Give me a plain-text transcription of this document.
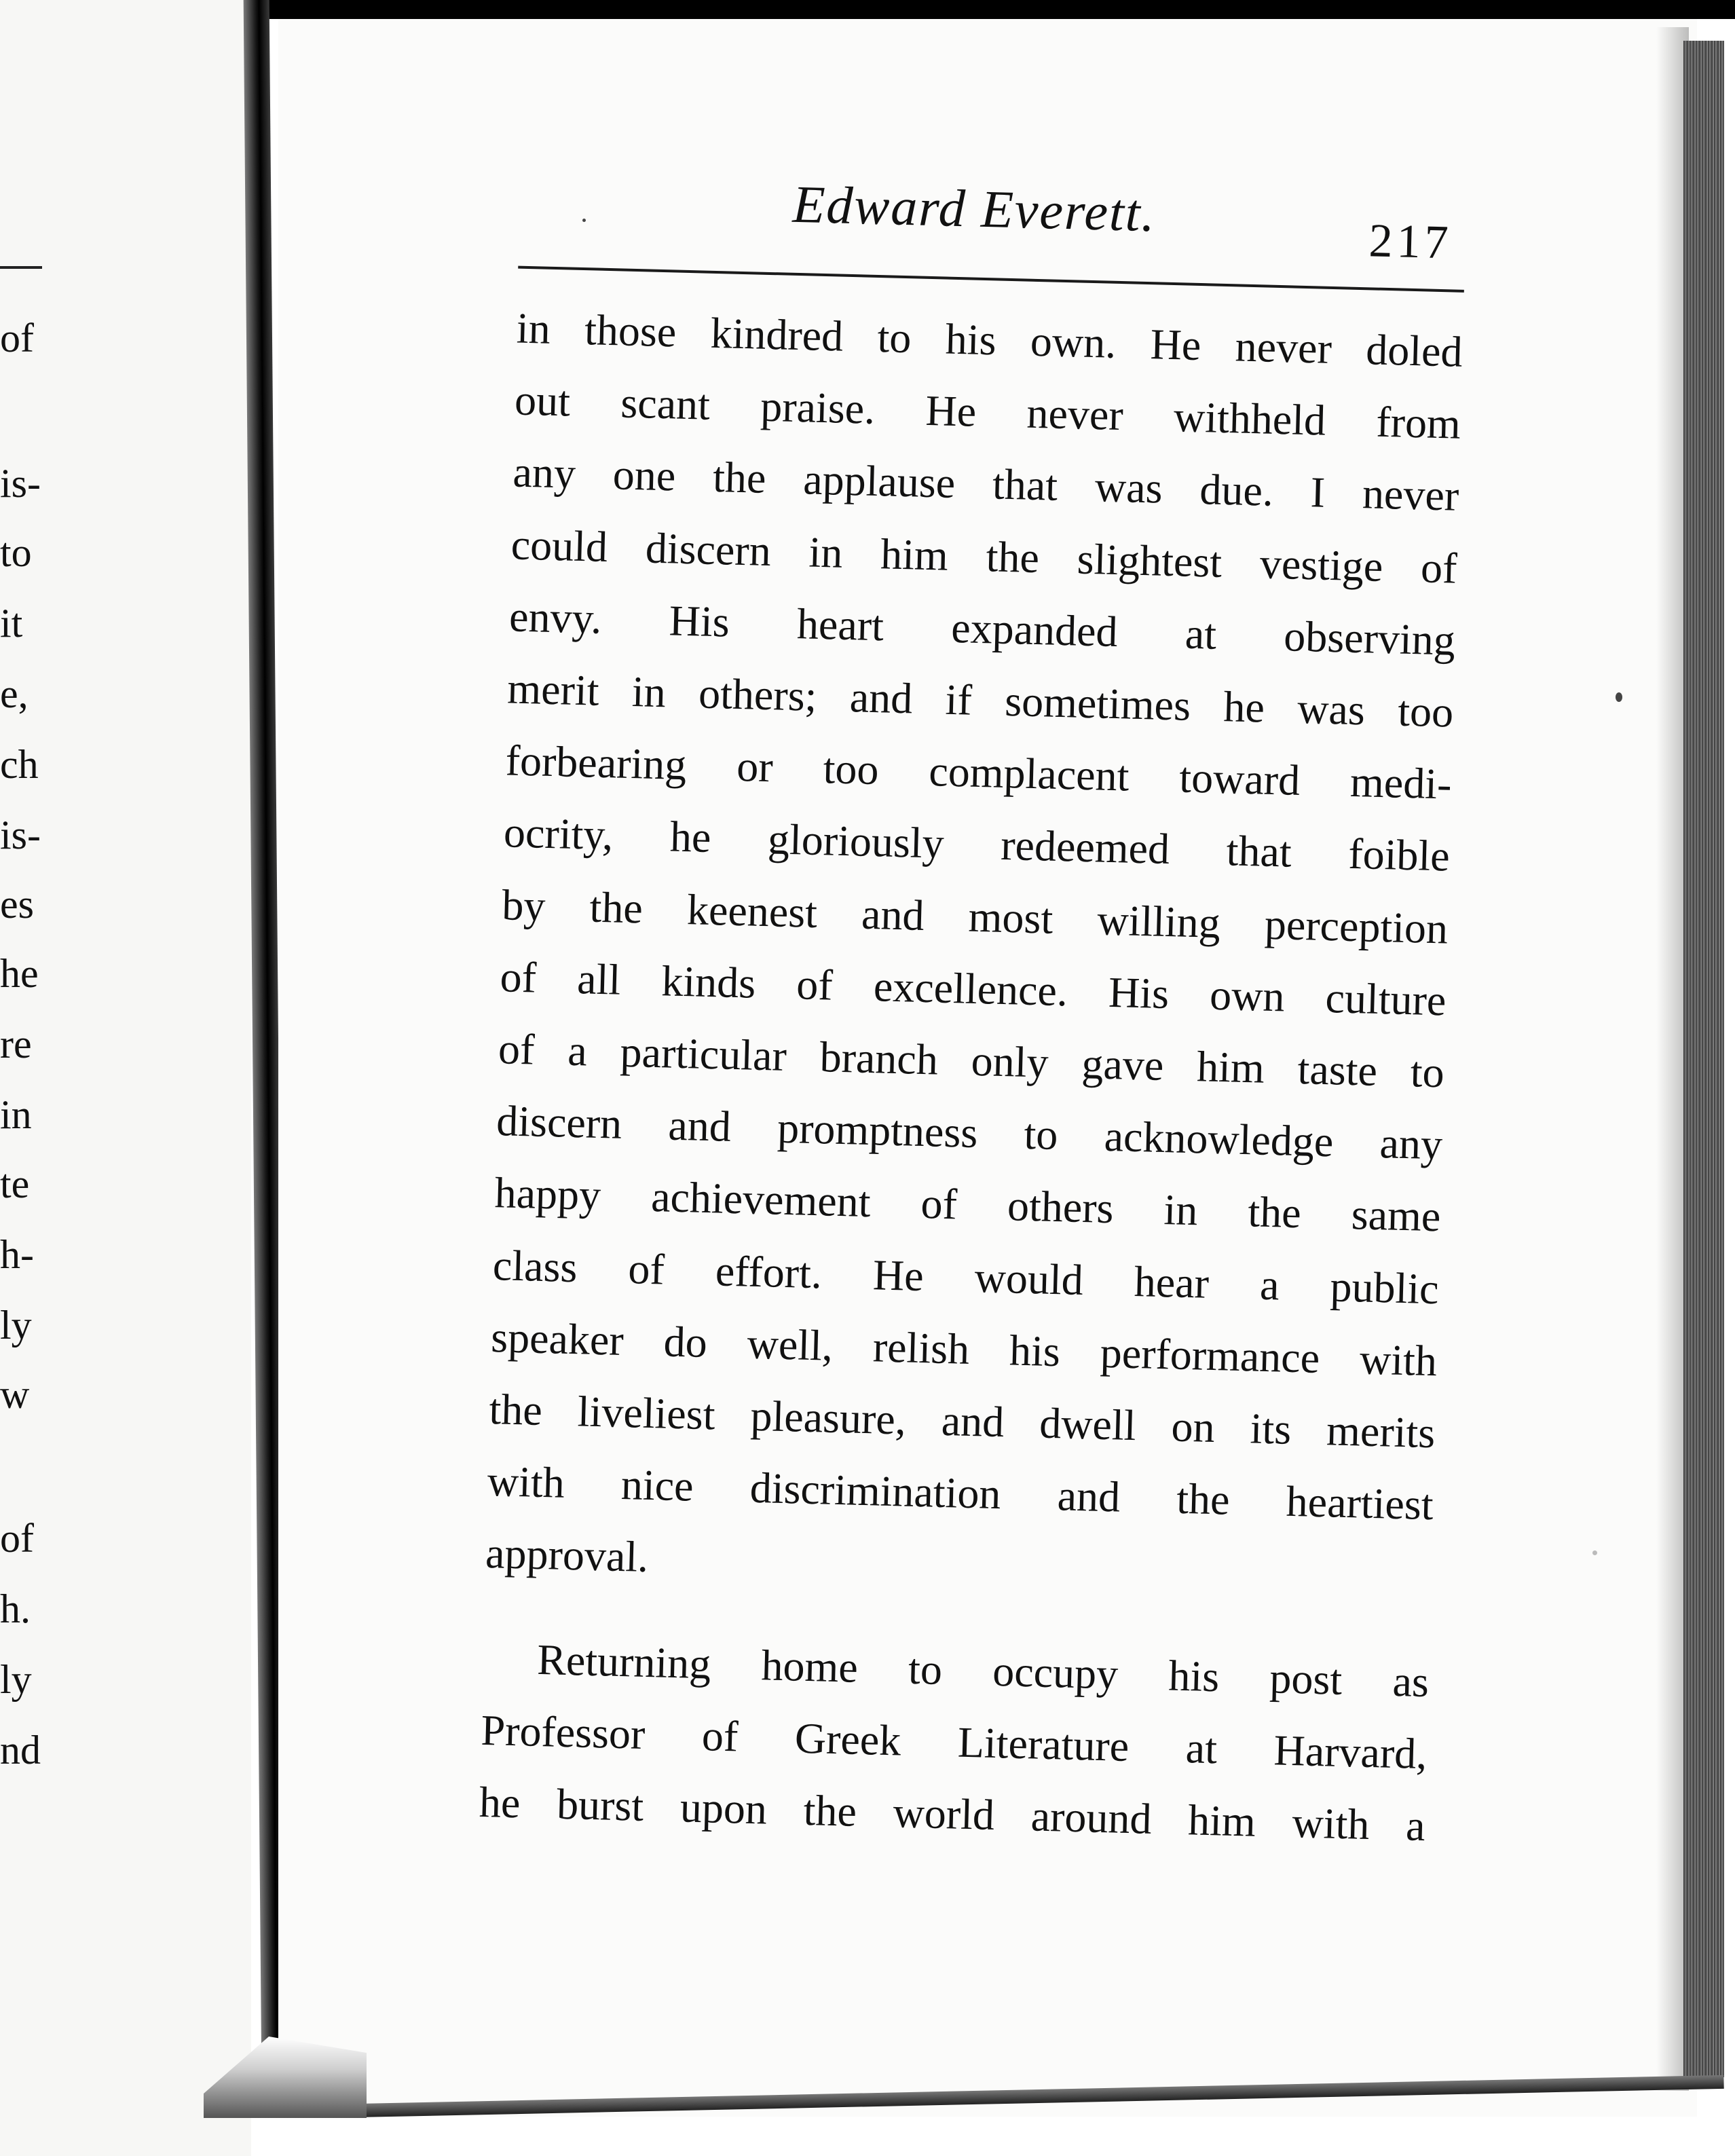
of
is-
to
it
e,
ch
is-
es
he
re
in
te
h-
ly
w
of
h.
ly
nd
Edward Everett.	217
in those kindred to his own. He never doled
out scant praise. He never withheld from
any one the applause that was due. I never
could discern in him the slightest vestige of
envy. His heart expanded at observing
merit in others; and if sometimes he was too
forbearing or too complacent toward medi-
ocrity, he gloriously redeemed that foible
by the keenest and most willing perception
of all kinds of excellence. His own culture
of a particular branch only gave him taste to
discern and promptness to acknowledge any
happy achievement of others in the same
class of effort. He would hear a public
speaker do well, relish his performance with
the liveliest pleasure, and dwell on its merits
with nice discrimination and the heartiest
approval.
Returning home to occupy his post as
Professor of Greek Literature at Harvard,
he burst upon the world around him with a
